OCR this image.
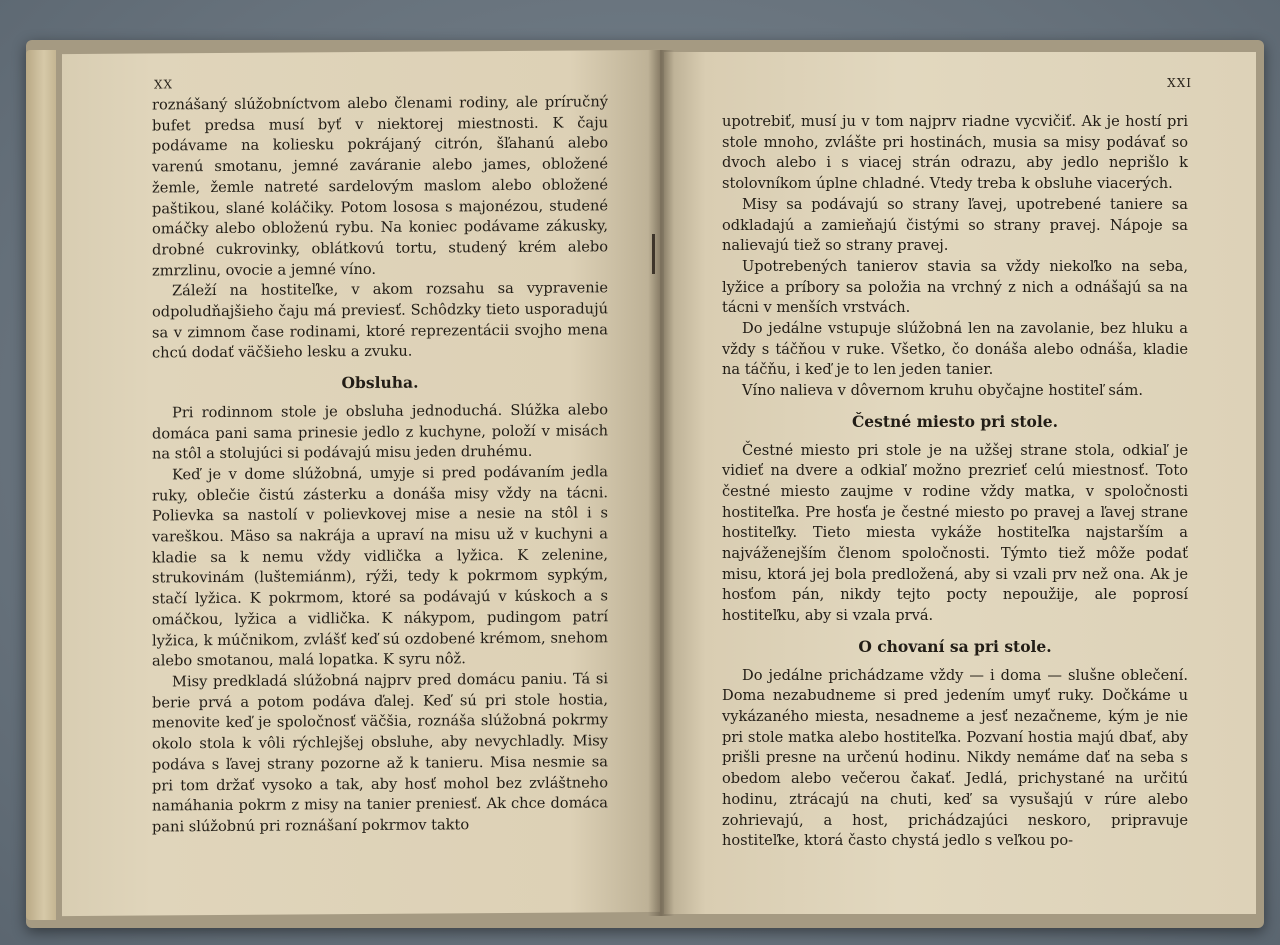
XX

roznášaný slúžobníctvom alebo členami rodiny, ale príručný bufet predsa musí byť v niektorej miestnosti. K čaju podávame na koliesku pokrájaný citrón, šľahanú alebo varenú smotanu, jemné zaváranie alebo james, obložené žemle, žemle natreté sardelovým maslom alebo obložené paštikou, slané koláčiky. Potom lososa s majonézou, studené omáčky alebo obloženú rybu. Na koniec podávame zákusky, drobné cukrovinky, oblátkovú tortu, studený krém alebo zmrzlinu, ovocie a jemné víno.

Záleží na hostiteľke, v akom rozsahu sa vypravenie odpoludňajšieho čaju má previesť. Schôdzky tieto usporadujú sa v zimnom čase rodinami, ktoré reprezentácii svojho mena chcú dodať väčšieho lesku a zvuku.

Obsluha.

Pri rodinnom stole je obsluha jednoduchá. Slúžka alebo domáca pani sama prinesie jedlo z kuchyne, položí v misách na stôl a stolujúci si podávajú misu jeden druhému.

Keď je v dome slúžobná, umyje si pred podávaním jedla ruky, oblečie čistú zásterku a donáša misy vždy na tácni. Polievka sa nastolí v polievkovej mise a nesie na stôl i s vareškou. Mäso sa nakrája a upraví na misu už v kuchyni a kladie sa k nemu vždy vidlička a lyžica. K zelenine, strukovinám (luštemiánm), rýži, tedy k pokrmom sypkým, stačí lyžica. K pokrmom, ktoré sa podávajú v kúskoch a s omáčkou, lyžica a vidlička. K nákypom, pudingom patrí lyžica, k múčnikom, zvlášť keď sú ozdobené krémom, snehom alebo smotanou, malá lopatka. K syru nôž.

Misy predkladá slúžobná najprv pred domácu paniu. Tá si berie prvá a potom podáva ďalej. Keď sú pri stole hostia, menovite keď je spoločnosť väčšia, roznáša slúžobná pokrmy okolo stola k vôli rýchlejšej obsluhe, aby nevychladly. Misy podáva s ľavej strany pozorne až k tanieru. Misa nesmie sa pri tom držať vysoko a tak, aby hosť mohol bez zvláštneho namáhania pokrm z misy na tanier preniesť. Ak chce domáca pani slúžobnú pri roznášaní pokrmov takto

XXI

upotrebiť, musí ju v tom najprv riadne vycvičiť. Ak je hostí pri stole mnoho, zvlášte pri hostinách, musia sa misy podávať so dvoch alebo i s viacej strán odrazu, aby jedlo neprišlo k stolovníkom úplne chladné. Vtedy treba k obsluhe viacerých.

Misy sa podávajú so strany ľavej, upotrebené taniere sa odkladajú a zamieňajú čistými so strany pravej. Nápoje sa nalievajú tiež so strany pravej.

Upotrebených tanierov stavia sa vždy niekoľko na seba, lyžice a príbory sa položia na vrchný z nich a odnášajú sa na tácni v menších vrstvách.

Do jedálne vstupuje slúžobná len na zavolanie, bez hluku a vždy s táčňou v ruke. Všetko, čo donáša alebo odnáša, kladie na táčňu, i keď je to len jeden tanier.

Víno nalieva v dôvernom kruhu obyčajne hostiteľ sám.

Čestné miesto pri stole.

Čestné miesto pri stole je na užšej strane stola, odkiaľ je vidieť na dvere a odkiaľ možno prezrieť celú miestnosť. Toto čestné miesto zaujme v rodine vždy matka, v spoločnosti hostiteľka. Pre hosťa je čestné miesto po pravej a ľavej strane hostiteľky. Tieto miesta vykáže hostiteľka najstarším a najváženejším členom spoločnosti. Týmto tiež môže podať misu, ktorá jej bola predložená, aby si vzali prv než ona. Ak je hosťom pán, nikdy tejto pocty nepoužije, ale poprosí hostiteľku, aby si vzala prvá.

O chovaní sa pri stole.

Do jedálne prichádzame vždy — i doma — slušne oblečení. Doma nezabudneme si pred jedením umyť ruky. Dočkáme u vykázaného miesta, nesadneme a jesť nezačneme, kým je nie pri stole matka alebo hostiteľka. Pozvaní hostia majú dbať, aby prišli presne na určenú hodinu. Nikdy nemáme dať na seba s obedom alebo večerou čakať. Jedlá, prichystané na určitú hodinu, ztrácajú na chuti, keď sa vysušajú v rúre alebo zohrievajú, a host, prichádzajúci neskoro, pripravuje hostiteľke, ktorá často chystá jedlo s veľkou po-
